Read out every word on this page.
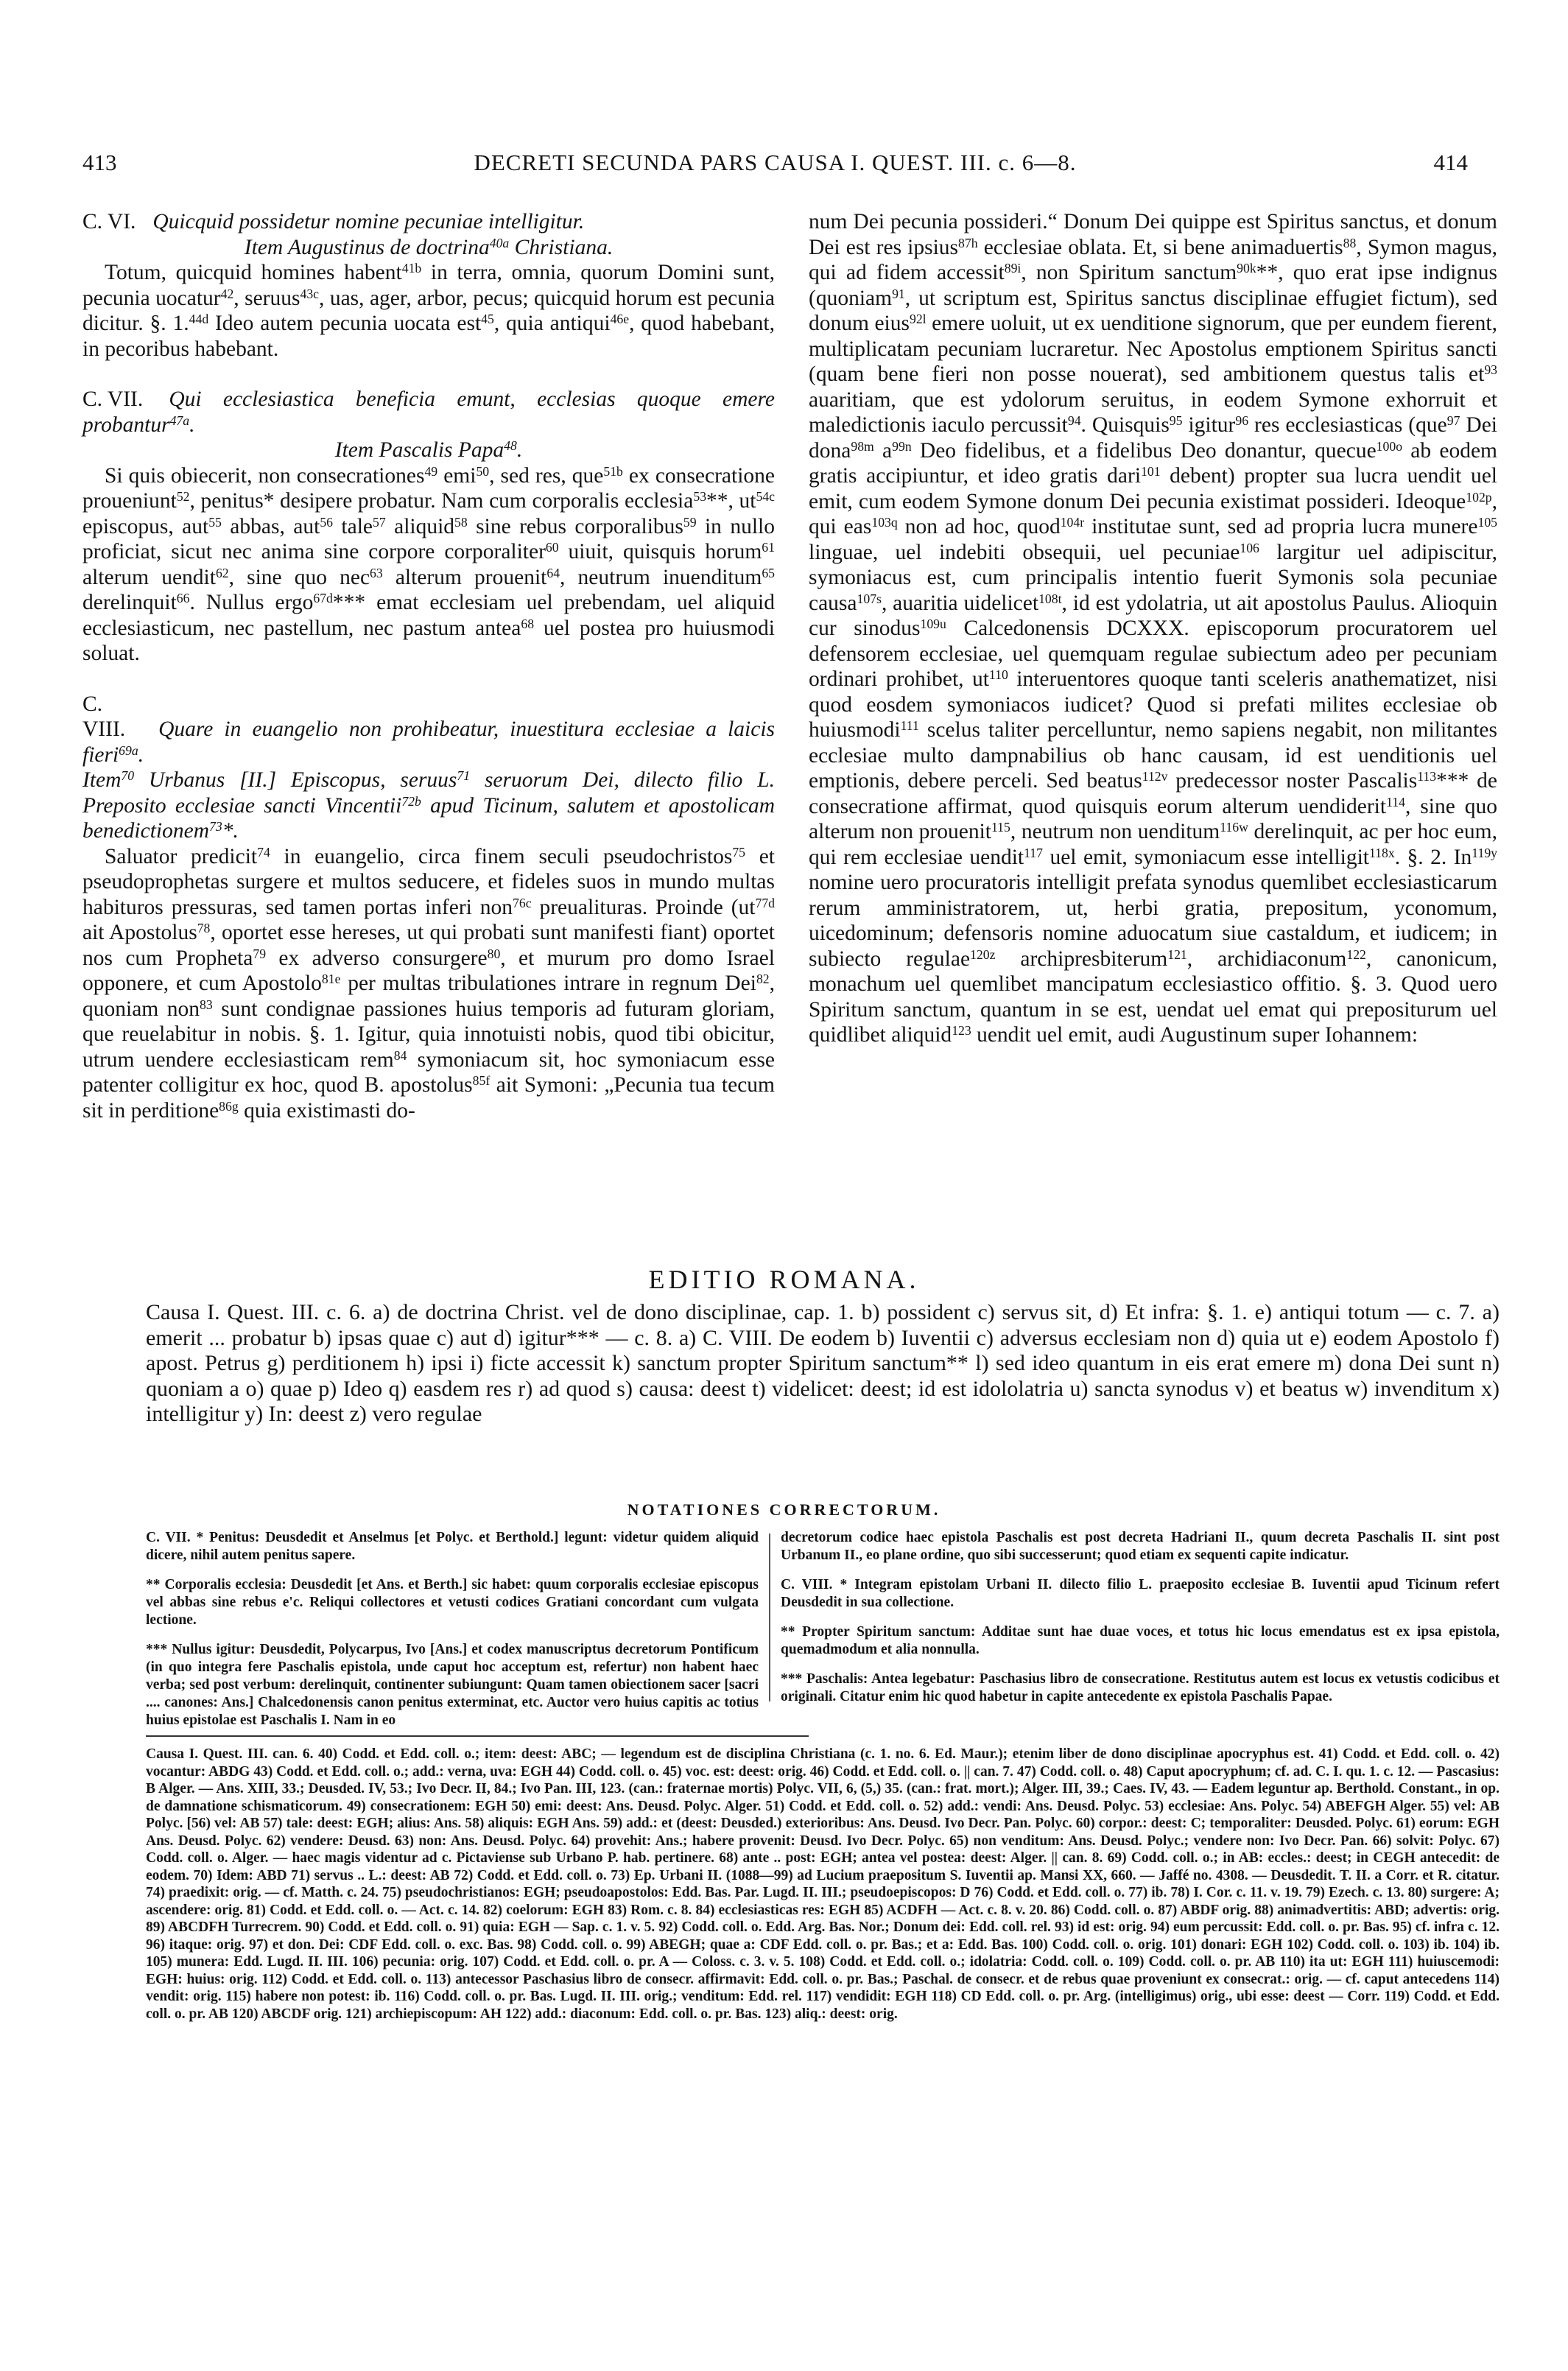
413	DECRETI SECUNDA PARS CAUSA I. QUEST. III. c. 6—8.	414

C. VI. Quicquid possidetur nomine pecuniae intelligitur.

Item Augustinus de doctrina$^{40a}$ Christiana.

Totum, quicquid homines habent$^{41b}$ in terra, omnia, quorum Domini sunt, pecunia uocatur$^{42}$, seruus$^{43c}$, uas, ager, arbor, pecus; quicquid horum est pecunia dicitur. §. 1.$^{44d}$ Ideo autem pecunia uocata est$^{45}$, quia antiqui$^{46e}$, quod habebant, in pecoribus habebant.

C. VII. Qui ecclesiastica beneficia emunt, ecclesias quoque emere probantur$^{47a}$.

Item Pascalis Papa$^{48}$.

Si quis obiecerit, non consecrationes$^{49}$ emi$^{50}$, sed res, que$^{51b}$ ex consecratione proueniunt$^{52}$, penitus* desipere probatur. Nam cum corporalis ecclesia$^{53}$**, $ut^{54c}$ episcopus, aut$^{55}$ abbas, aut$^{56}$ tale$^{57}$ aliquid$^{58}$ sine rebus corporalibus$^{59}$ in nullo proficiat, sicut nec anima sine corpore corporaliter$^{60}$ uiuit, quisquis horum$^{61}$ alterum uendit$^{62}$, sine quo nec$^{63}$ alterum prouenit$^{64}$, neutrum inuenditum$^{65}$ derelinquit$^{66}$. Nullus ergo$^{67d}$*** emat ecclesiam uel prebendam, uel aliquid ecclesiasticum, nec pastellum, nec pastum antea$^{68}$ uel postea pro huiusmodi soluat.

C. VIII. Quare in euangelio non prohibeatur, inuestitura ecclesiae a laicis fieri$^{69a}$.

Item$^{70}$ Urbanus [II.] Episcopus, seruus$^{71}$ seruorum Dei, dilecto filio L. Preposito ecclesiae sancti Vincentii$^{72b}$ apud Ticinum, salutem et apostolicam benedictionem$^{73}$*.

Saluator predicit$^{74}$ in euangelio, circa finem seculi pseudochristos$^{75}$ et pseudoprophetas surgere et multos seducere, et fideles suos in mundo multas habituros pressuras, sed tamen portas inferi non$^{76c}$ preualituras. Proinde ($ut^{77d}$ ait Apostolus$^{78}$, oportet esse hereses, ut qui probati sunt manifesti fiant) oportet nos cum Propheta$^{79}$ ex adverso consurgere$^{80}$, et murum pro domo Israel opponere, et cum Apostolo$^{81e}$ per multas tribulationes intrare in regnum Dei$^{82}$, quoniam non$^{83}$ sunt condignae passiones huius temporis ad futuram gloriam, que reuelabitur in nobis. §. 1. Igitur, quia innotuisti nobis, quod tibi obicitur, utrum uendere ecclesiasticam rem$^{84}$ symoniacum sit, hoc symoniacum esse patenter colligitur ex hoc, quod B. apostolus$^{85f}$ ait Symoni: „Pecunia tua tecum sit in perditione$^{86g}$ quia existimasti do-

num Dei pecunia possideri.“ Donum Dei quippe est Spiritus sanctus, et donum Dei est res ipsius$^{87h}$ ecclesiae oblata. Et, si bene animaduertis$^{88}$, Symon magus, qui ad fidem accessit$^{89i}$, non Spiritum sanctum$^{90k}$**, quo erat ipse indignus (quoniam$^{91}$, ut scriptum est, Spiritus sanctus disciplinae effugiet fictum), sed donum eius$^{92l}$ emere uoluit, ut ex uenditione signorum, que per eundem fierent, multiplicatam pecuniam lucraretur. Nec Apostolus emptionem Spiritus sancti (quam bene fieri non posse nouerat), sed ambitionem questus talis $et^{93}$ auaritiam, que est ydolorum seruitus, in eodem Symone exhorruit et maledictionis iaculo percussit$^{94}$. Quisquis$^{95}$ igitur$^{96}$ res ecclesiasticas (que$^{97}$ Dei dona$^{98m}$ $a^{99n}$ Deo fidelibus, et a fidelibus Deo donantur, quecue$^{100o}$ ab eodem gratis accipiuntur, et ideo gratis dari$^{101}$ debent) propter sua lucra uendit uel emit, cum eodem Symone donum Dei pecunia existimat possideri. Ideoque$^{102p}$, qui eas$^{103q}$ non ad hoc, quod$^{104r}$ institutae sunt, sed ad propria lucra munere$^{105}$ linguae, uel indebiti obsequii, uel pecuniae$^{106}$ largitur uel adipiscitur, symoniacus est, cum principalis intentio fuerit Symonis sola pecuniae causa$^{107s}$, auaritia uidelicet$^{108t}$, id est ydolatria, ut ait apostolus Paulus. Alioquin cur sinodus$^{109u}$ Calcedonensis DCXXX. episcoporum procuratorem uel defensorem ecclesiae, uel quemquam regulae subiectum adeo per pecuniam ordinari prohibet, $ut^{110}$ interuentores quoque tanti sceleris anathematizet, nisi quod eosdem symoniacos iudicet? Quod si prefati milites ecclesiae ob huiusmodi$^{111}$ scelus taliter percelluntur, nemo sapiens negabit, non militantes ecclesiae multo dampnabilius ob hanc causam, id est uenditionis uel emptionis, debere perceli. Sed beatus$^{112v}$ predecessor noster Pascalis$^{113}$*** de consecratione affirmat, quod quisquis eorum alterum uendiderit$^{114}$, sine quo alterum non prouenit$^{115}$, neutrum non uenditum$^{116w}$ derelinquit, ac per hoc eum, qui rem ecclesiae uendit$^{117}$ uel emit, symoniacum esse intelligit$^{118x}$. §. 2. $In^{119y}$ nomine uero procuratoris intelligit prefata synodus quemlibet ecclesiasticarum rerum amministratorem, ut, herbi gratia, prepositum, yconomum, uicedominum; defensoris nomine aduocatum siue castaldum, et iudicem; in subiecto regulae$^{120z}$ archipresbiterum$^{121}$, archidiaconum$^{122}$, canonicum, monachum uel quemlibet mancipatum ecclesiastico offitio. §. 3. Quod uero Spiritum sanctum, quantum in se est, uendat uel emat qui prepositurum uel quidlibet aliquid$^{123}$ uendit uel emit, audi Augustinum super Iohannem:

EDITIO ROMANA.

Causa I. Quest. III. c. 6. a) de doctrina Christ. vel de dono disciplinae, cap. 1. b) possident c) servus sit, d) Et infra: §. 1. e) antiqui totum — c. 7. a) emerit ... probatur b) ipsas quae c) aut d) igitur*** — c. 8. a) C. VIII. De eodem b) Iuventii c) adversus ecclesiam non d) quia ut e) eodem Apostolo f) apost. Petrus g) perditionem h) ipsi i) ficte accessit k) sanctum propter Spiritum sanctum** l) sed ideo quantum in eis erat emere m) dona Dei sunt n) quoniam a o) quae p) Ideo q) easdem res r) ad quod s) causa: deest t) videlicet: deest; id est idololatria u) sancta synodus v) et beatus w) invenditum x) intelligitur y) In: deest z) vero regulae

NOTATIONES CORRECTORUM.

C. VII. * Penitus: Deusdedit et Anselmus [et Polyc. et Berthold.] legunt: videtur quidem aliquid dicere, nihil autem penitus sapere.

** Corporalis ecclesia: Deusdedit [et Ans. et Berth.] sic habet: quum corporalis ecclesiae episcopus vel abbas sine rebus e'c. Reliqui collectores et vetusti codices Gratiani concordant cum vulgata lectione.

*** Nullus igitur: Deusdedit, Polycarpus, Ivo [Ans.] et codex manuscriptus decretorum Pontificum (in quo integra fere Paschalis epistola, unde caput hoc acceptum est, refertur) non habent haec verba; sed post verbum: derelinquit, continenter subiungunt: Quam tamen obiectionem sacer [sacri .... canones: Ans.] Chalcedonensis canon penitus exterminat, etc. Auctor vero huius capitis ac totius huius epistolae est Paschalis I. Nam in eo

decretorum codice haec epistola Paschalis est post decreta Hadriani II., quum decreta Paschalis II. sint post Urbanum II., eo plane ordine, quo sibi successerunt; quod etiam ex sequenti capite indicatur.

C. VIII. * Integram epistolam Urbani II. dilecto filio L. praeposito ecclesiae B. Iuventii apud Ticinum refert Deusdedit in sua collectione.

** Propter Spiritum sanctum: Additae sunt hae duae voces, et totus hic locus emendatus est ex ipsa epistola, quemadmodum et alia nonnulla.

*** Paschalis: Antea legebatur: Paschasius libro de consecratione. Restitutus autem est locus ex vetustis codicibus et originali. Citatur enim hic quod habetur in capite antecedente ex epistola Paschalis Papae.

Causa I. Quest. III. can. 6. 40) Codd. et Edd. coll. o.; item: deest: ABC; — legendum est de disciplina Christiana (c. 1. no. 6. Ed. Maur.); etenim liber de dono disciplinae apocryphus est. 41) Codd. et Edd. coll. o. 42) vocantur: ABDG 43) Codd. et Edd. coll. o.; add.: verna, uva: EGH 44) Codd. coll. o. 45) voc. est: deest: orig. 46) Codd. et Edd. coll. o. || can. 7. 47) Codd. coll. o. 48) Caput apocryphum; cf. ad. C. I. qu. 1. c. 12. — Pascasius: B Alger. — Ans. XIII, 33.; Deusded. IV, 53.; Ivo Decr. II, 84.; Ivo Pan. III, 123. (can.: fraternae mortis) Polyc. VII, 6, (5,) 35. (can.: frat. mort.); Alger. III, 39.; Caes. IV, 43. — Eadem leguntur ap. Berthold. Constant., in op. de damnatione schismaticorum. 49) consecrationem: EGH 50) emi: deest: Ans. Deusd. Polyc. Alger. 51) Codd. et Edd. coll. o. 52) add.: vendi: Ans. Deusd. Polyc. 53) ecclesiae: Ans. Polyc. 54) ABEFGH Alger. 55) vel: AB Polyc. [56) vel: AB 57) tale: deest: EGH; alius: Ans. 58) aliquis: EGH Ans. 59) add.: et (deest: Deusded.) exterioribus: Ans. Deusd. Ivo Decr. Pan. Polyc. 60) corpor.: deest: C; temporaliter: Deusded. Polyc. 61) eorum: EGH Ans. Deusd. Polyc. 62) vendere: Deusd. 63) non: Ans. Deusd. Polyc. 64) provehit: Ans.; habere provenit: Deusd. Ivo Decr. Polyc. 65) non venditum: Ans. Deusd. Polyc.; vendere non: Ivo Decr. Pan. 66) solvit: Polyc. 67) Codd. coll. o. Alger. — haec magis videntur ad c. Pictaviense sub Urbano P. hab. pertinere. 68) ante .. post: EGH; antea vel postea: deest: Alger. || can. 8. 69) Codd. coll. o.; in AB: eccles.: deest; in CEGH antecedit: de eodem. 70) Idem: ABD 71) servus .. L.: deest: AB 72) Codd. et Edd. coll. o. 73) Ep. Urbani II. (1088—99) ad Lucium praepositum S. Iuventii ap. Mansi XX, 660. — Jaffé no. 4308. — Deusdedit. T. II. a Corr. et R. citatur. 74) praedixit: orig. — cf. Matth. c. 24. 75) pseudochristianos: EGH; pseudoapostolos: Edd. Bas. Par. Lugd. II. III.; pseudoepiscopos: D 76) Codd. et Edd. coll. o. 77) ib. 78) I. Cor. c. 11. v. 19. 79) Ezech. c. 13. 80) surgere: A; ascendere: orig. 81) Codd. et Edd. coll. o. — Act. c. 14. 82) coelorum: EGH 83) Rom. c. 8. 84) ecclesiasticas res: EGH 85) ACDFH — Act. c. 8. v. 20. 86) Codd. coll. o. 87) ABDF orig. 88) animadvertitis: ABD; advertis: orig. 89) ABCDFH Turrecrem. 90) Codd. et Edd. coll. o. 91) quia: EGH — Sap. c. 1. v. 5. 92) Codd. coll. o. Edd. Arg. Bas. Nor.; Donum dei: Edd. coll. rel. 93) id est: orig. 94) eum percussit: Edd. coll. o. pr. Bas. 95) cf. infra c. 12. 96) itaque: orig. 97) et don. Dei: CDF Edd. coll. o. exc. Bas. 98) Codd. coll. o. 99) ABEGH; quae a: CDF Edd. coll. o. pr. Bas.; et a: Edd. Bas. 100) Codd. coll. o. orig. 101) donari: EGH 102) Codd. coll. o. 103) ib. 104) ib. 105) munera: Edd. Lugd. II. III. 106) pecunia: orig. 107) Codd. et Edd. coll. o. pr. A — Coloss. c. 3. v. 5. 108) Codd. et Edd. coll. o.; idolatria: Codd. coll. o. 109) Codd. coll. o. pr. AB 110) ita ut: EGH 111) huiuscemodi: EGH: huius: orig. 112) Codd. et Edd. coll. o. 113) antecessor Paschasius libro de consecr. affirmavit: Edd. coll. o. pr. Bas.; Paschal. de consecr. et de rebus quae proveniunt ex consecrat.: orig. — cf. caput antecedens 114) vendit: orig. 115) habere non potest: ib. 116) Codd. coll. o. pr. Bas. Lugd. II. III. orig.; venditum: Edd. rel. 117) vendidit: EGH 118) CD Edd. coll. o. pr. Arg. (intelligimus) orig., ubi esse: deest — Corr. 119) Codd. et Edd. coll. o. pr. AB 120) ABCDF orig. 121) archiepiscopum: AH 122) add.: diaconum: Edd. coll. o. pr. Bas. 123) aliq.: deest: orig.
